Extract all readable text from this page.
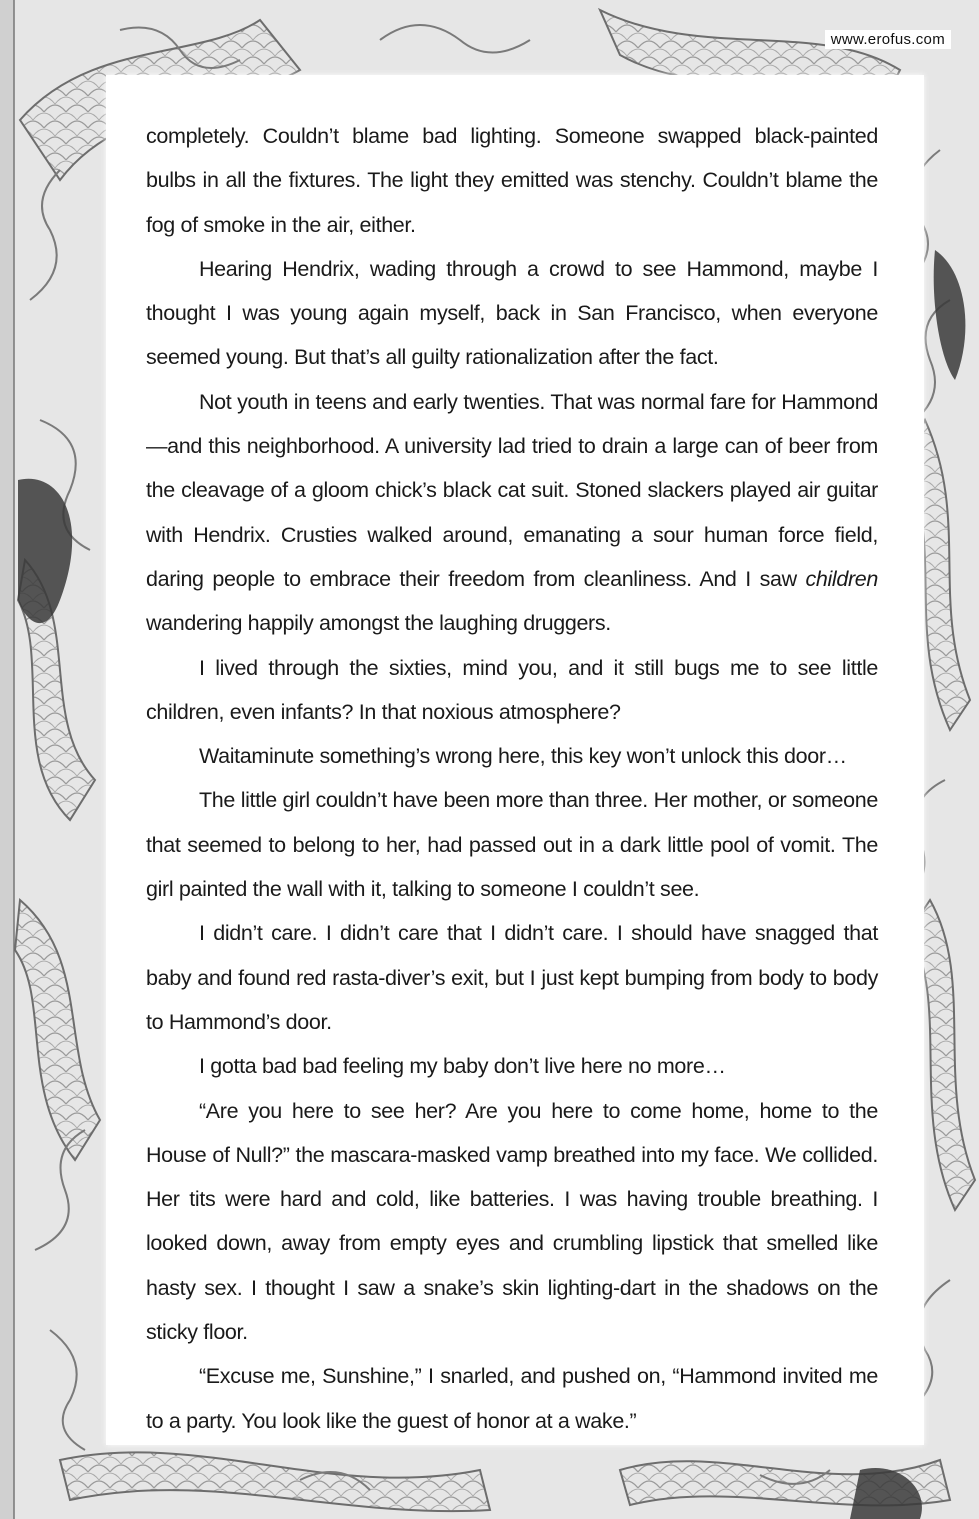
www.erofus.com

completely. Couldn’t blame bad lighting. Someone swapped black-painted bulbs in all the fixtures. The light they emitted was stenchy. Couldn’t blame the fog of smoke in the air, either.

Hearing Hendrix, wading through a crowd to see Hammond, maybe I thought I was young again myself, back in San Francisco, when everyone seemed young. But that’s all guilty rationalization after the fact.

Not youth in teens and early twenties. That was normal fare for Hammond—and this neighborhood. A university lad tried to drain a large can of beer from the cleavage of a gloom chick’s black cat suit. Stoned slackers played air guitar with Hendrix. Crusties walked around, emanating a sour human force field, daring people to embrace their freedom from cleanliness. And I saw children wandering happily amongst the laughing druggers.

I lived through the sixties, mind you, and it still bugs me to see little children, even infants? In that noxious atmosphere?

Waitaminute something’s wrong here, this key won’t unlock this door…

The little girl couldn’t have been more than three. Her mother, or someone that seemed to belong to her, had passed out in a dark little pool of vomit. The girl painted the wall with it, talking to someone I couldn’t see.

I didn’t care. I didn’t care that I didn’t care. I should have snagged that baby and found red rasta-diver’s exit, but I just kept bumping from body to body to Hammond’s door.

I gotta bad bad feeling my baby don’t live here no more…

“Are you here to see her? Are you here to come home, home to the House of Null?” the mascara-masked vamp breathed into my face. We collided. Her tits were hard and cold, like batteries. I was having trouble breathing. I looked down, away from empty eyes and crumbling lipstick that smelled like hasty sex. I thought I saw a snake’s skin lighting-dart in the shadows on the sticky floor.

“Excuse me, Sunshine,” I snarled, and pushed on, “Hammond invited me to a party. You look like the guest of honor at a wake.”
